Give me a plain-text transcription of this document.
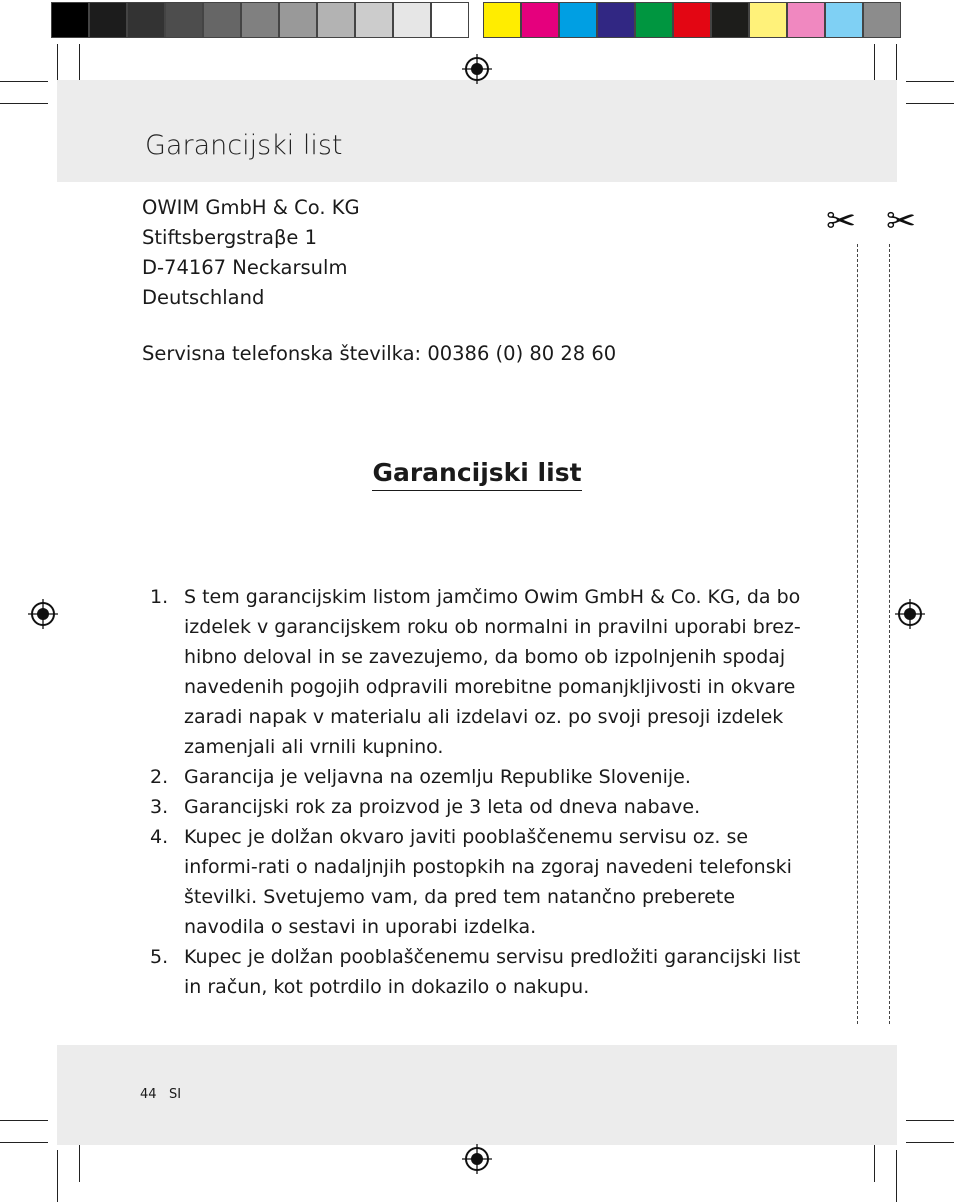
✂ ✂
Garancijski list
OWIM GmbH & Co. KG
Stiftsbergstraβe 1
D-74167 Neckarsulm
Deutschland
Servisna telefonska številka: 00386 (0) 80 28 60
Garancijski list
1. S tem garancijskim listom jamčimo Owim GmbH & Co. KG, da bo izdelek v garancijskem roku ob normalni in pravilni uporabi brez-hibno deloval in se zavezujemo, da bomo ob izpolnjenih spodaj navedenih pogojih odpravili morebitne pomanjkljivosti in okvare zaradi napak v materialu ali izdelavi oz. po svoji presoji izdelek zamenjali ali vrnili kupnino.
2. Garancija je veljavna na ozemlju Republike Slovenije.
3. Garancijski rok za proizvod je 3 leta od dneva nabave.
4. Kupec je dolžan okvaro javiti pooblaščenemu servisu oz. se informi-rati o nadaljnjih postopkih na zgoraj navedeni telefonski številki. Svetujemo vam, da pred tem natančno preberete navodila o sestavi in uporabi izdelka.
5. Kupec je dolžan pooblaščenemu servisu predložiti garancijski list in račun, kot potrdilo in dokazilo o nakupu.
44   SI
